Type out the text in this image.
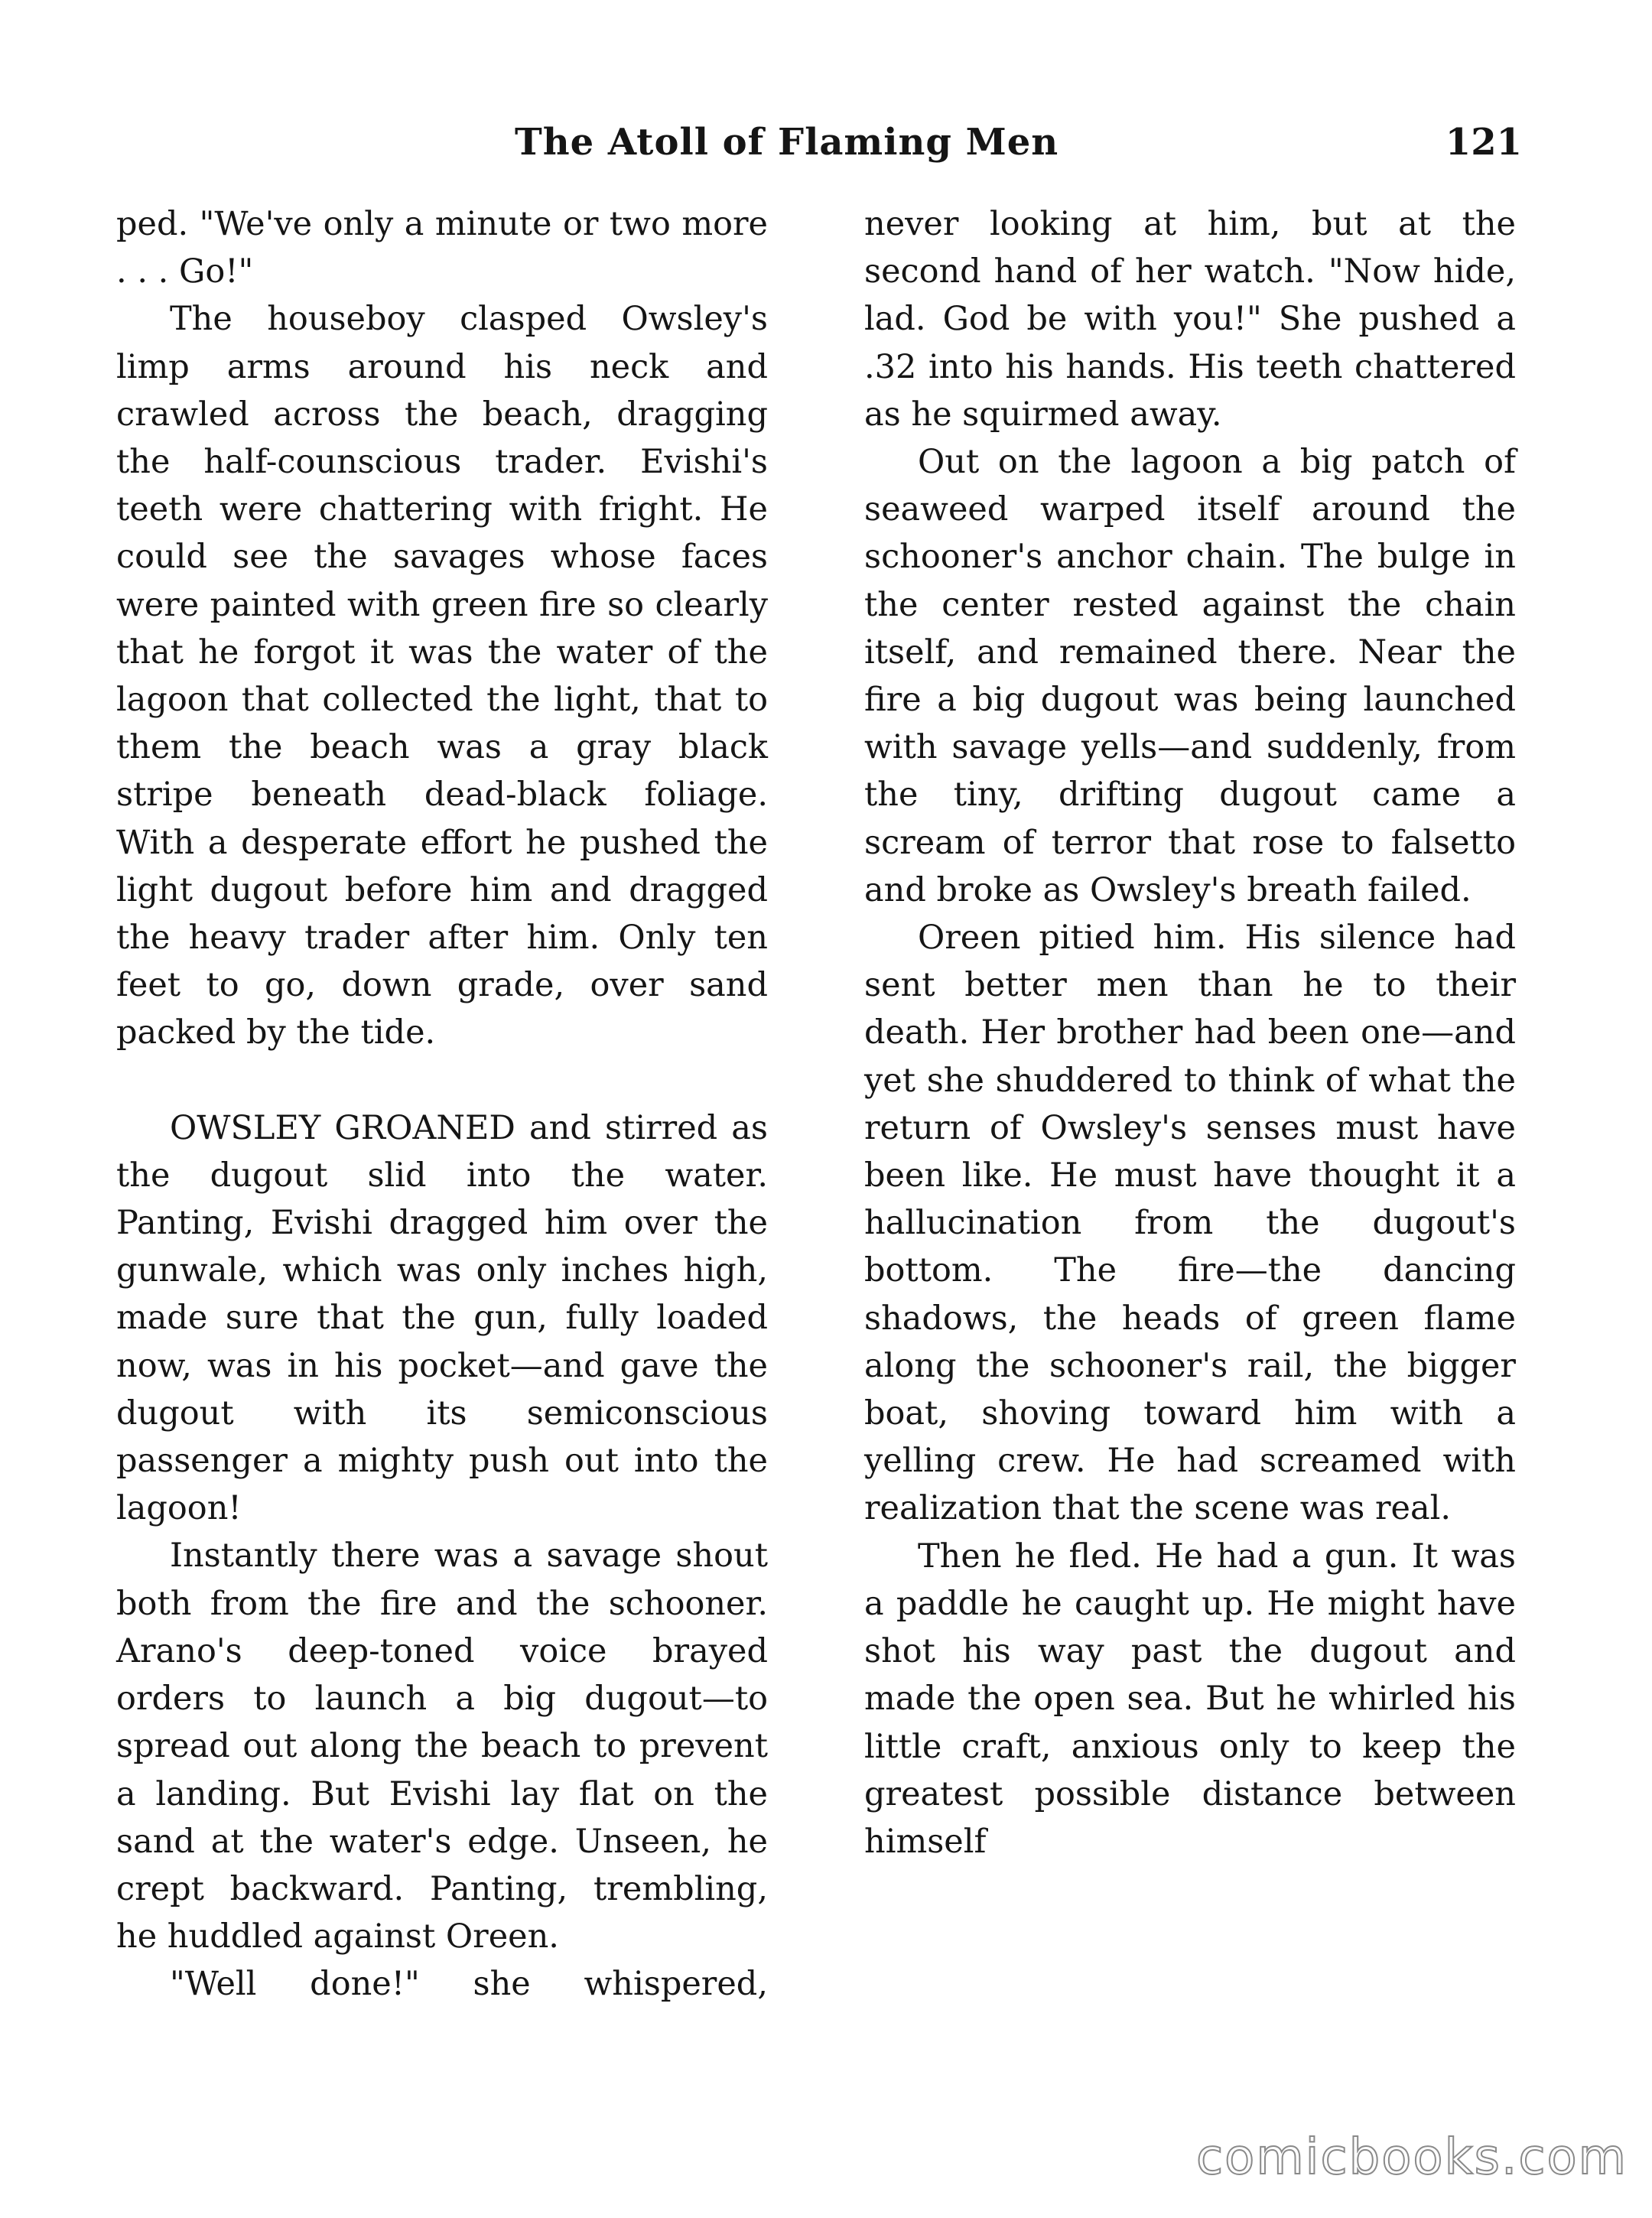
The Atoll of Flaming Men	121

ped. "We've only a minute or two more . . . Go!"

The houseboy clasped Owsley's limp arms around his neck and crawled across the beach, dragging the half-counscious trader. Evishi's teeth were chattering with fright. He could see the savages whose faces were painted with green fire so clearly that he forgot it was the water of the lagoon that collected the light, that to them the beach was a gray black stripe beneath dead-black foliage. With a desperate effort he pushed the light dugout before him and dragged the heavy trader after him. Only ten feet to go, down grade, over sand packed by the tide.

OWSLEY GROANED and stirred as the dugout slid into the water. Panting, Evishi dragged him over the gunwale, which was only inches high, made sure that the gun, fully loaded now, was in his pocket—and gave the dugout with its semiconscious passenger a mighty push out into the lagoon!

Instantly there was a savage shout both from the fire and the schooner. Arano's deep-toned voice brayed orders to launch a big dugout—to spread out along the beach to prevent a landing. But Evishi lay flat on the sand at the water's edge. Unseen, he crept backward. Panting, trembling, he huddled against Oreen.

"Well done!" she whispered,

never looking at him, but at the second hand of her watch. "Now hide, lad. God be with you!" She pushed a .32 into his hands. His teeth chattered as he squirmed away.

Out on the lagoon a big patch of seaweed warped itself around the schooner's anchor chain. The bulge in the center rested against the chain itself, and remained there. Near the fire a big dugout was being launched with savage yells—and suddenly, from the tiny, drifting dugout came a scream of terror that rose to falsetto and broke as Owsley's breath failed.

Oreen pitied him. His silence had sent better men than he to their death. Her brother had been one—and yet she shuddered to think of what the return of Owsley's senses must have been like. He must have thought it a hallucination from the dugout's bottom. The fire—the dancing shadows, the heads of green flame along the schooner's rail, the bigger boat, shoving toward him with a yelling crew. He had screamed with realization that the scene was real.

Then he fled. He had a gun. It was a paddle he caught up. He might have shot his way past the dugout and made the open sea. But he whirled his little craft, anxious only to keep the greatest possible distance between himself

comicbooks.com
